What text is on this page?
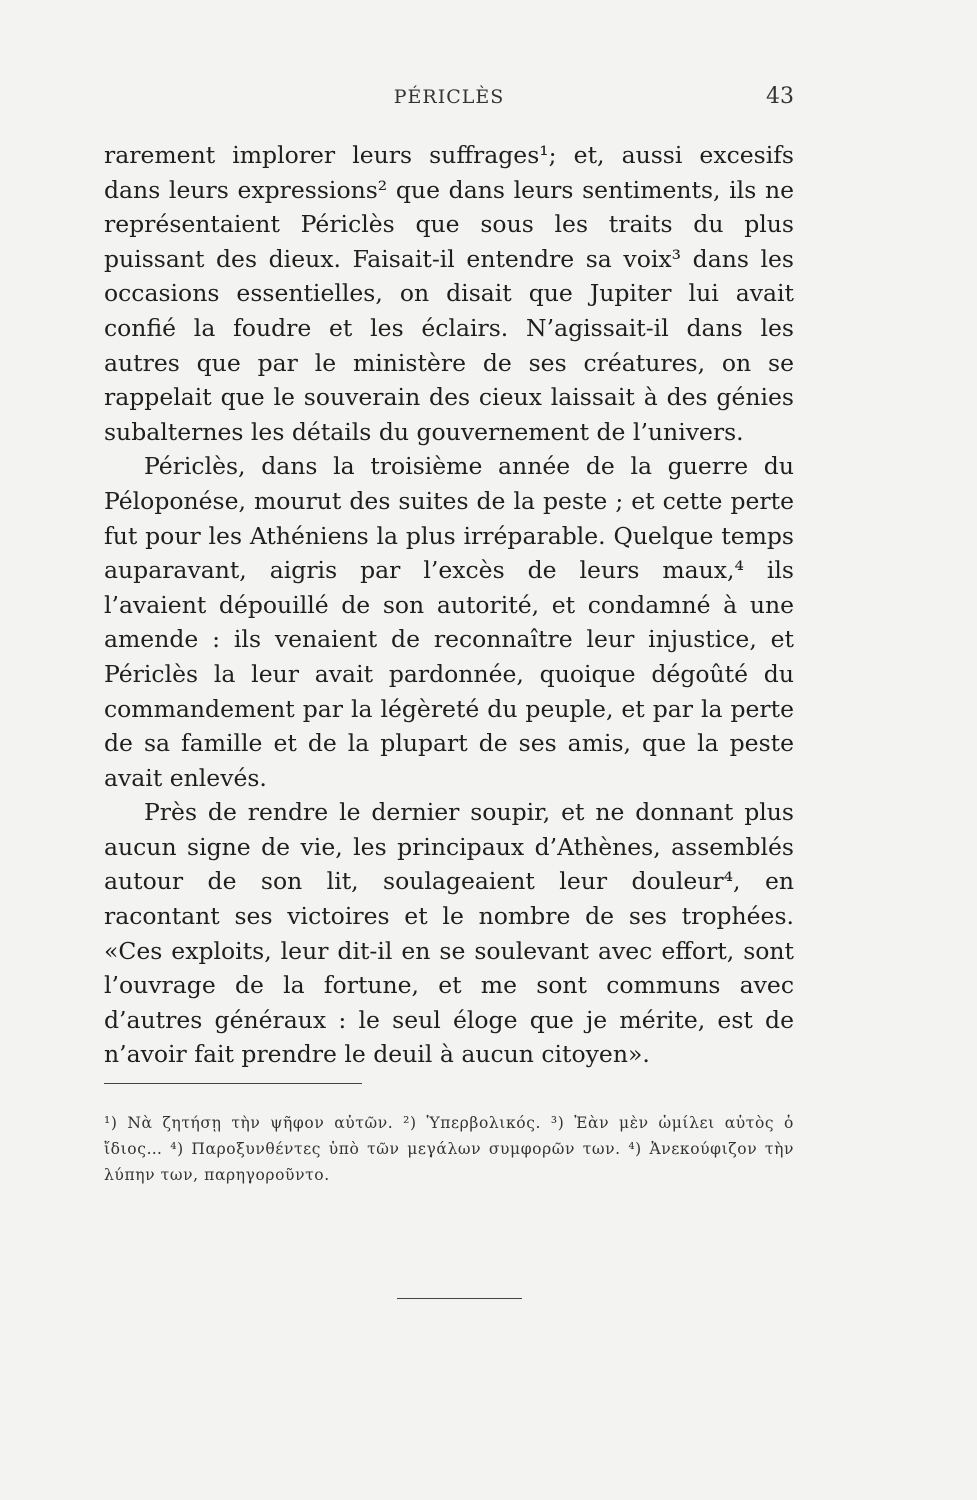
PÉRICLÈS	43

rarement implorer leurs suffrages¹; et, aussi excesifs dans leurs expressions² que dans leurs sentiments, ils ne représentaient Périclès que sous les traits du plus puissant des dieux. Faisait-il entendre sa voix³ dans les occasions essentielles, on disait que Jupiter lui avait confié la foudre et les éclairs. N’agissait-il dans les autres que par le ministère de ses créatures, on se rappelait que le souverain des cieux laissait à des génies subalternes les détails du gouvernement de l’univers.

Périclès, dans la troisième année de la guerre du Péloponése, mourut des suites de la peste ; et cette perte fut pour les Athéniens la plus irréparable. Quelque temps auparavant, aigris par l’excès de leurs maux,⁴ ils l’avaient dépouillé de son autorité, et condamné à une amende : ils venaient de reconnaître leur injustice, et Périclès la leur avait pardonnée, quoique dégoûté du commandement par la légèreté du peuple, et par la perte de sa famille et de la plupart de ses amis, que la peste avait enlevés.

Près de rendre le dernier soupir, et ne donnant plus aucun signe de vie, les principaux d’Athènes, assemblés autour de son lit, soulageaient leur douleur⁴, en racontant ses victoires et le nombre de ses trophées. «Ces exploits, leur dit-il en se soulevant avec effort, sont l’ouvrage de la fortune, et me sont communs avec d’autres généraux : le seul éloge que je mérite, est de n’avoir fait prendre le deuil à aucun citoyen».

¹) Νὰ ζητήσῃ τὴν ψῆφον αὐτῶν. ²) Ὑπερβολικός. ³) Ἐὰν μὲν ὡμίλει αὐτὸς ὁ ἴδιος… ⁴) Παροξυνθέντες ὑπὸ τῶν μεγάλων συμφορῶν των. ⁴) Ἀνεκούφιζον τὴν λύπην των, παρηγοροῦντο.
